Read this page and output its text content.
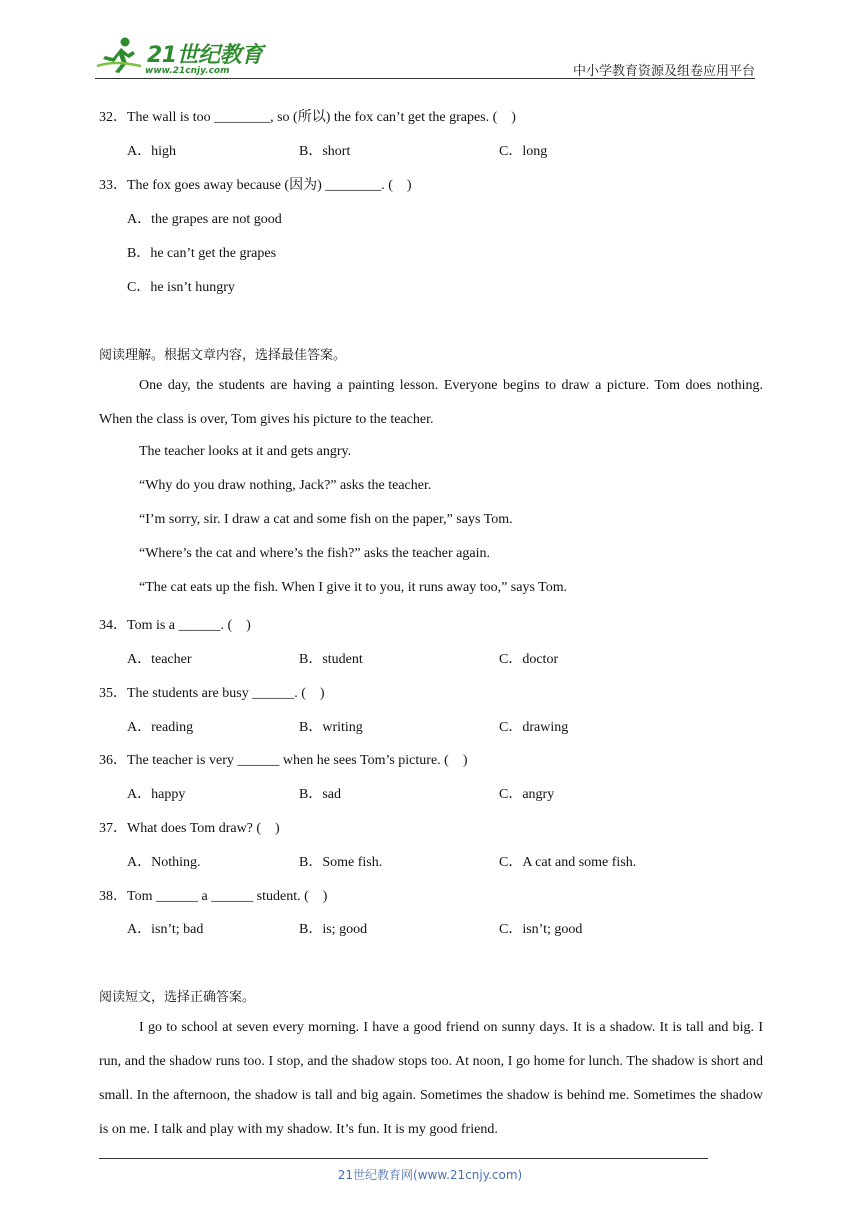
21世纪教育
www.21cnjy.com	中小学教育资源及组卷应用平台
32．The wall is too ________, so (所以) the fox can’t get the grapes. (　)
A．high	B．short	C．long
33．The fox goes away because (因为) ________. (　)
A．the grapes are not good
B．he can’t get the grapes
C．he isn’t hungry
阅读理解。根据文章内容，选择最佳答案。
One day, the students are having a painting lesson. Everyone begins to draw a picture. Tom does nothing. When the class is over, Tom gives his picture to the teacher.
The teacher looks at it and gets angry.
“Why do you draw nothing, Jack?” asks the teacher.
“I’m sorry, sir. I draw a cat and some fish on the paper,” says Tom.
“Where’s the cat and where’s the fish?” asks the teacher again.
“The cat eats up the fish. When I give it to you, it runs away too,” says Tom.
34．Tom is a ______. (　)
A．teacher	B．student	C．doctor
35．The students are busy ______. (　)
A．reading	B．writing	C．drawing
36．The teacher is very ______ when he sees Tom’s picture. (　)
A．happy	B．sad	C．angry
37．What does Tom draw? (　)
A．Nothing.	B．Some fish.	C．A cat and some fish.
38．Tom ______ a ______ student. (　)
A．isn’t; bad	B．is; good	C．isn’t; good
阅读短文，选择正确答案。
I go to school at seven every morning. I have a good friend on sunny days. It is a shadow. It is tall and big. I run, and the shadow runs too. I stop, and the shadow stops too. At noon, I go home for lunch. The shadow is short and small. In the afternoon, the shadow is tall and big again. Sometimes the shadow is behind me. Sometimes the shadow is on me. I talk and play with my shadow. It’s fun. It is my good friend.
21世纪教育网(www.21cnjy.com)
